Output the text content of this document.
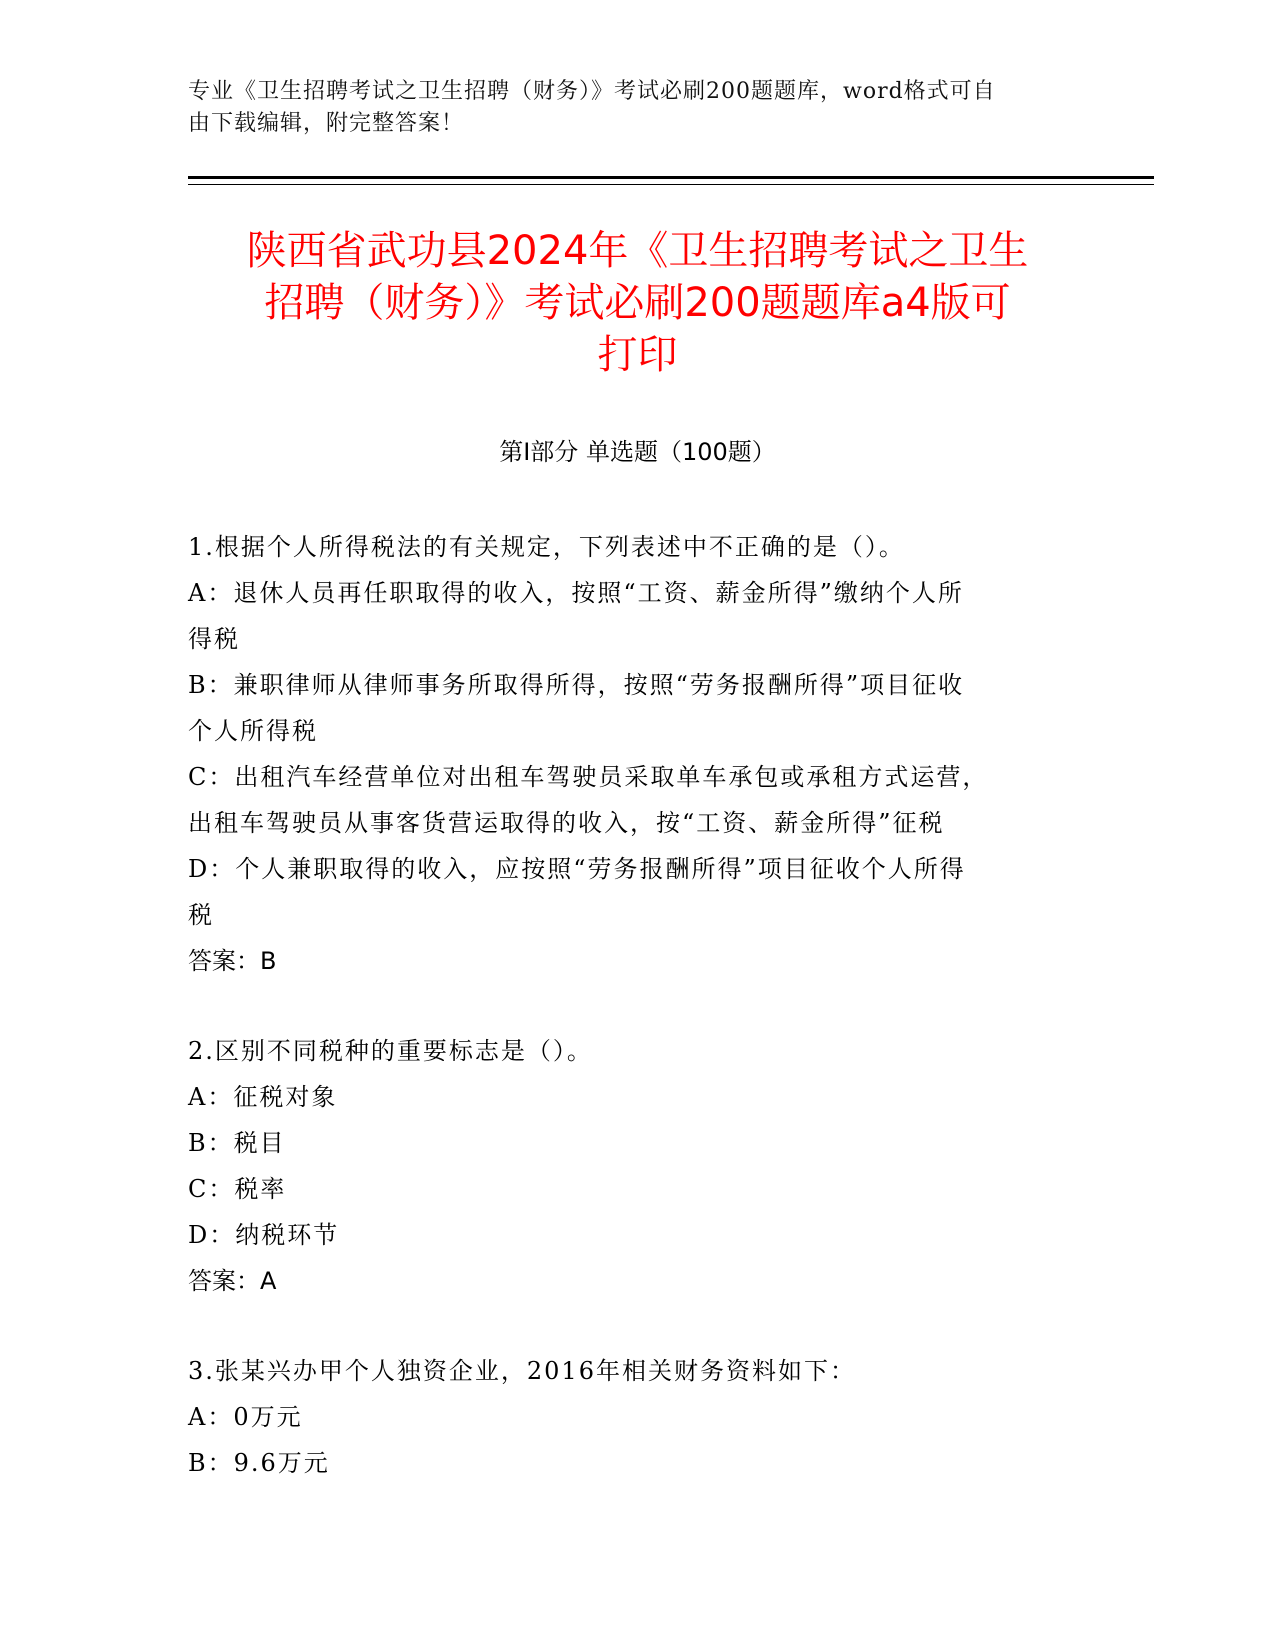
专业《卫生招聘考试之卫生招聘（财务）》考试必刷200题题库，word格式可自
由下载编辑，附完整答案！
陕西省武功县2024年《卫生招聘考试之卫生
招聘（财务）》考试必刷200题题库a4版可
打印
第Ⅰ部分 单选题（100题）
1.根据个人所得税法的有关规定，下列表述中不正确的是（）。
A：退休人员再任职取得的收入，按照“工资、薪金所得”缴纳个人所
得税
B：兼职律师从律师事务所取得所得，按照“劳务报酬所得”项目征收
个人所得税
C：出租汽车经营单位对出租车驾驶员采取单车承包或承租方式运营，
出租车驾驶员从事客货营运取得的收入，按“工资、薪金所得”征税
D：个人兼职取得的收入，应按照“劳务报酬所得”项目征收个人所得
税
答案：B
2.区别不同税种的重要标志是（）。
A：征税对象
B：税目
C：税率
D：纳税环节
答案：A
3.张某兴办甲个人独资企业，2016年相关财务资料如下：
A：0万元
B：9.6万元
